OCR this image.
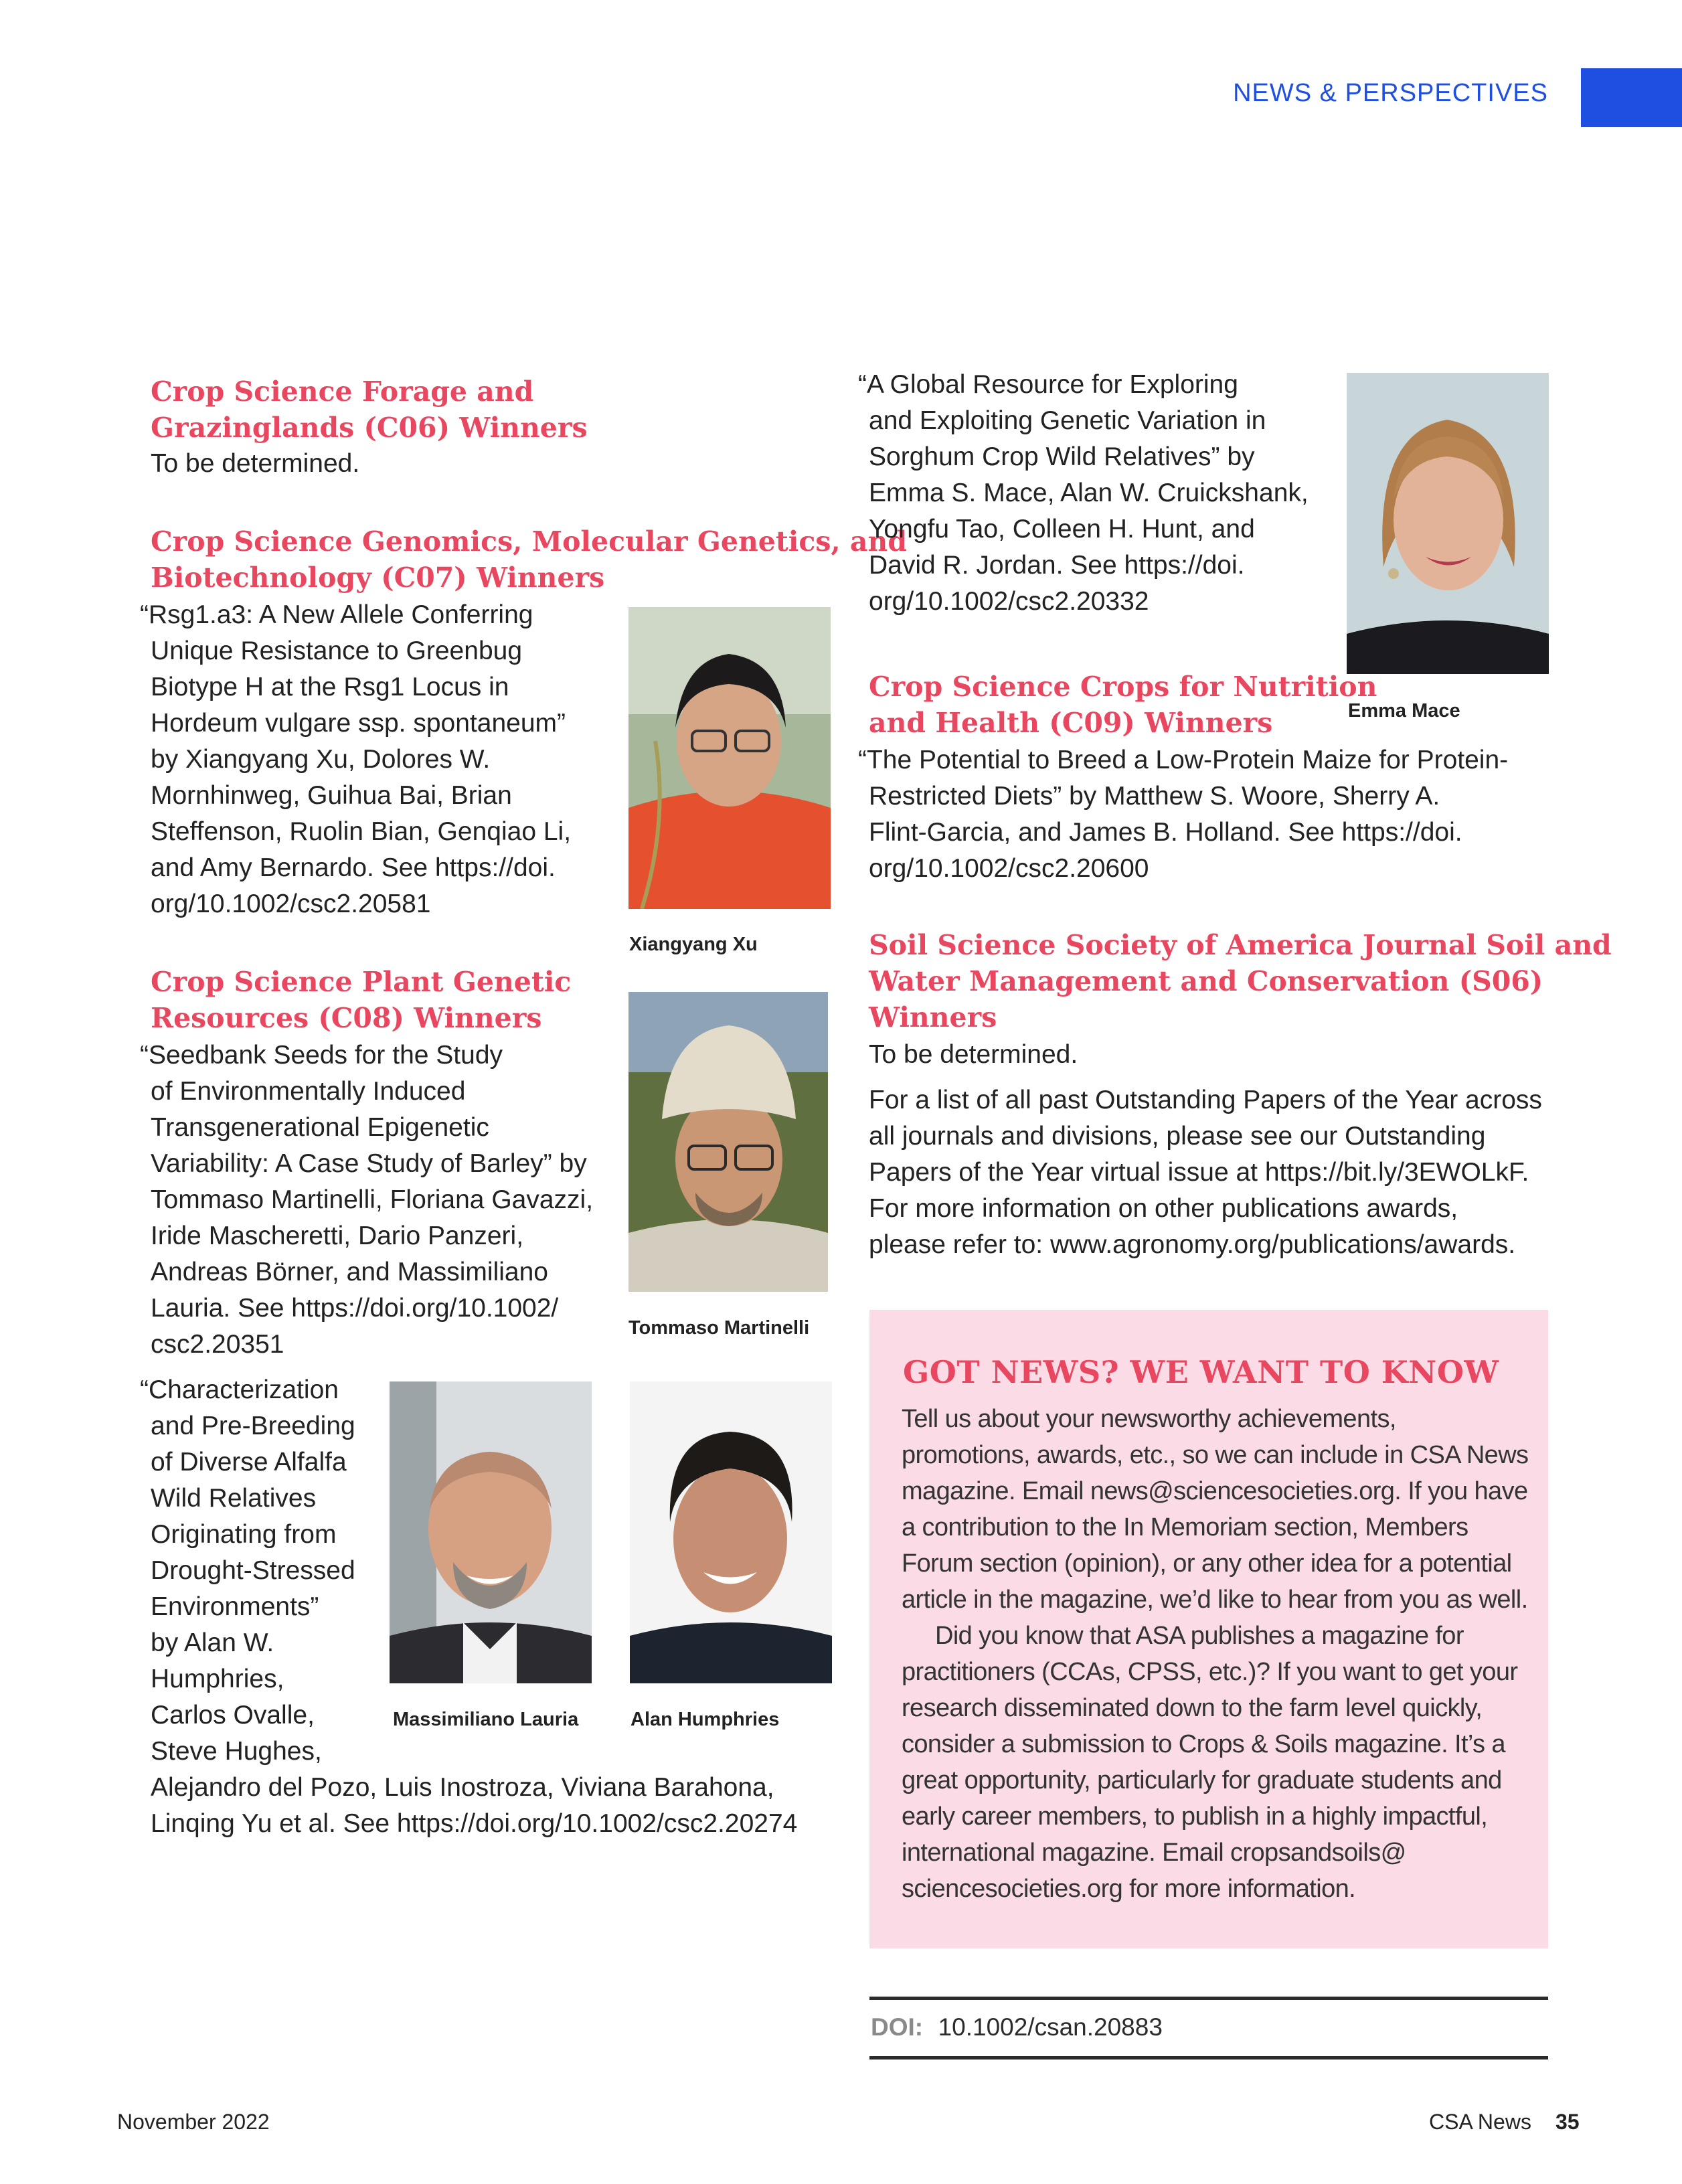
NEWS & PERSPECTIVES
Crop Science Forage and
Grazinglands (C06) Winners
To be determined.
Crop Science Genomics, Molecular Genetics, and
Biotechnology (C07) Winners
“Rsg1.a3: A New Allele Conferring
Unique Resistance to Greenbug
Biotype H at the Rsg1 Locus in
Hordeum vulgare ssp. spontaneum”
by Xiangyang Xu, Dolores W.
Mornhinweg, Guihua Bai, Brian
Steffenson, Ruolin Bian, Genqiao Li,
and Amy Bernardo. See https://doi.
org/10.1002/csc2.20581
Xiangyang Xu
Crop Science Plant Genetic
Resources (C08) Winners
“Seedbank Seeds for the Study
of Environmentally Induced
Transgenerational Epigenetic
Variability: A Case Study of Barley” by
Tommaso Martinelli, Floriana Gavazzi,
Iride Mascheretti, Dario Panzeri,
Andreas Börner, and Massimiliano
Lauria. See https://doi.org/10.1002/
csc2.20351
Tommaso Martinelli
“Characterization
and Pre-Breeding
of Diverse Alfalfa
Wild Relatives
Originating from
Drought-Stressed
Environments”
by Alan W.
Humphries,
Carlos Ovalle,
Steve Hughes,
Alejandro del Pozo, Luis Inostroza, Viviana Barahona,
Linqing Yu et al. See https://doi.org/10.1002/csc2.20274
Massimiliano Lauria	Alan Humphries
“A Global Resource for Exploring
and Exploiting Genetic Variation in
Sorghum Crop Wild Relatives” by
Emma S. Mace, Alan W. Cruickshank,
Yongfu Tao, Colleen H. Hunt, and
David R. Jordan. See https://doi.
org/10.1002/csc2.20332
Emma Mace
Crop Science Crops for Nutrition
and Health (C09) Winners
“The Potential to Breed a Low-Protein Maize for Protein-
Restricted Diets” by Matthew S. Woore, Sherry A.
Flint-Garcia, and James B. Holland. See https://doi.
org/10.1002/csc2.20600
Soil Science Society of America Journal Soil and
Water Management and Conservation (S06)
Winners
To be determined.
For a list of all past Outstanding Papers of the Year across
all journals and divisions, please see our Outstanding
Papers of the Year virtual issue at https://bit.ly/3EWOLkF.
For more information on other publications awards,
please refer to: www.agronomy.org/publications/awards.
GOT NEWS? WE WANT TO KNOW
Tell us about your newsworthy achievements,
promotions, awards, etc., so we can include in CSA News
magazine. Email news@sciencesocieties.org. If you have
a contribution to the In Memoriam section, Members
Forum section (opinion), or any other idea for a potential
article in the magazine, we’d like to hear from you as well.
Did you know that ASA publishes a magazine for
practitioners (CCAs, CPSS, etc.)? If you want to get your
research disseminated down to the farm level quickly,
consider a submission to Crops & Soils magazine. It’s a
great opportunity, particularly for graduate students and
early career members, to publish in a highly impactful,
international magazine. Email cropsandsoils@
sciencesocieties.org for more information.
DOI: 10.1002/csan.20883
November 2022	CSA News 35
